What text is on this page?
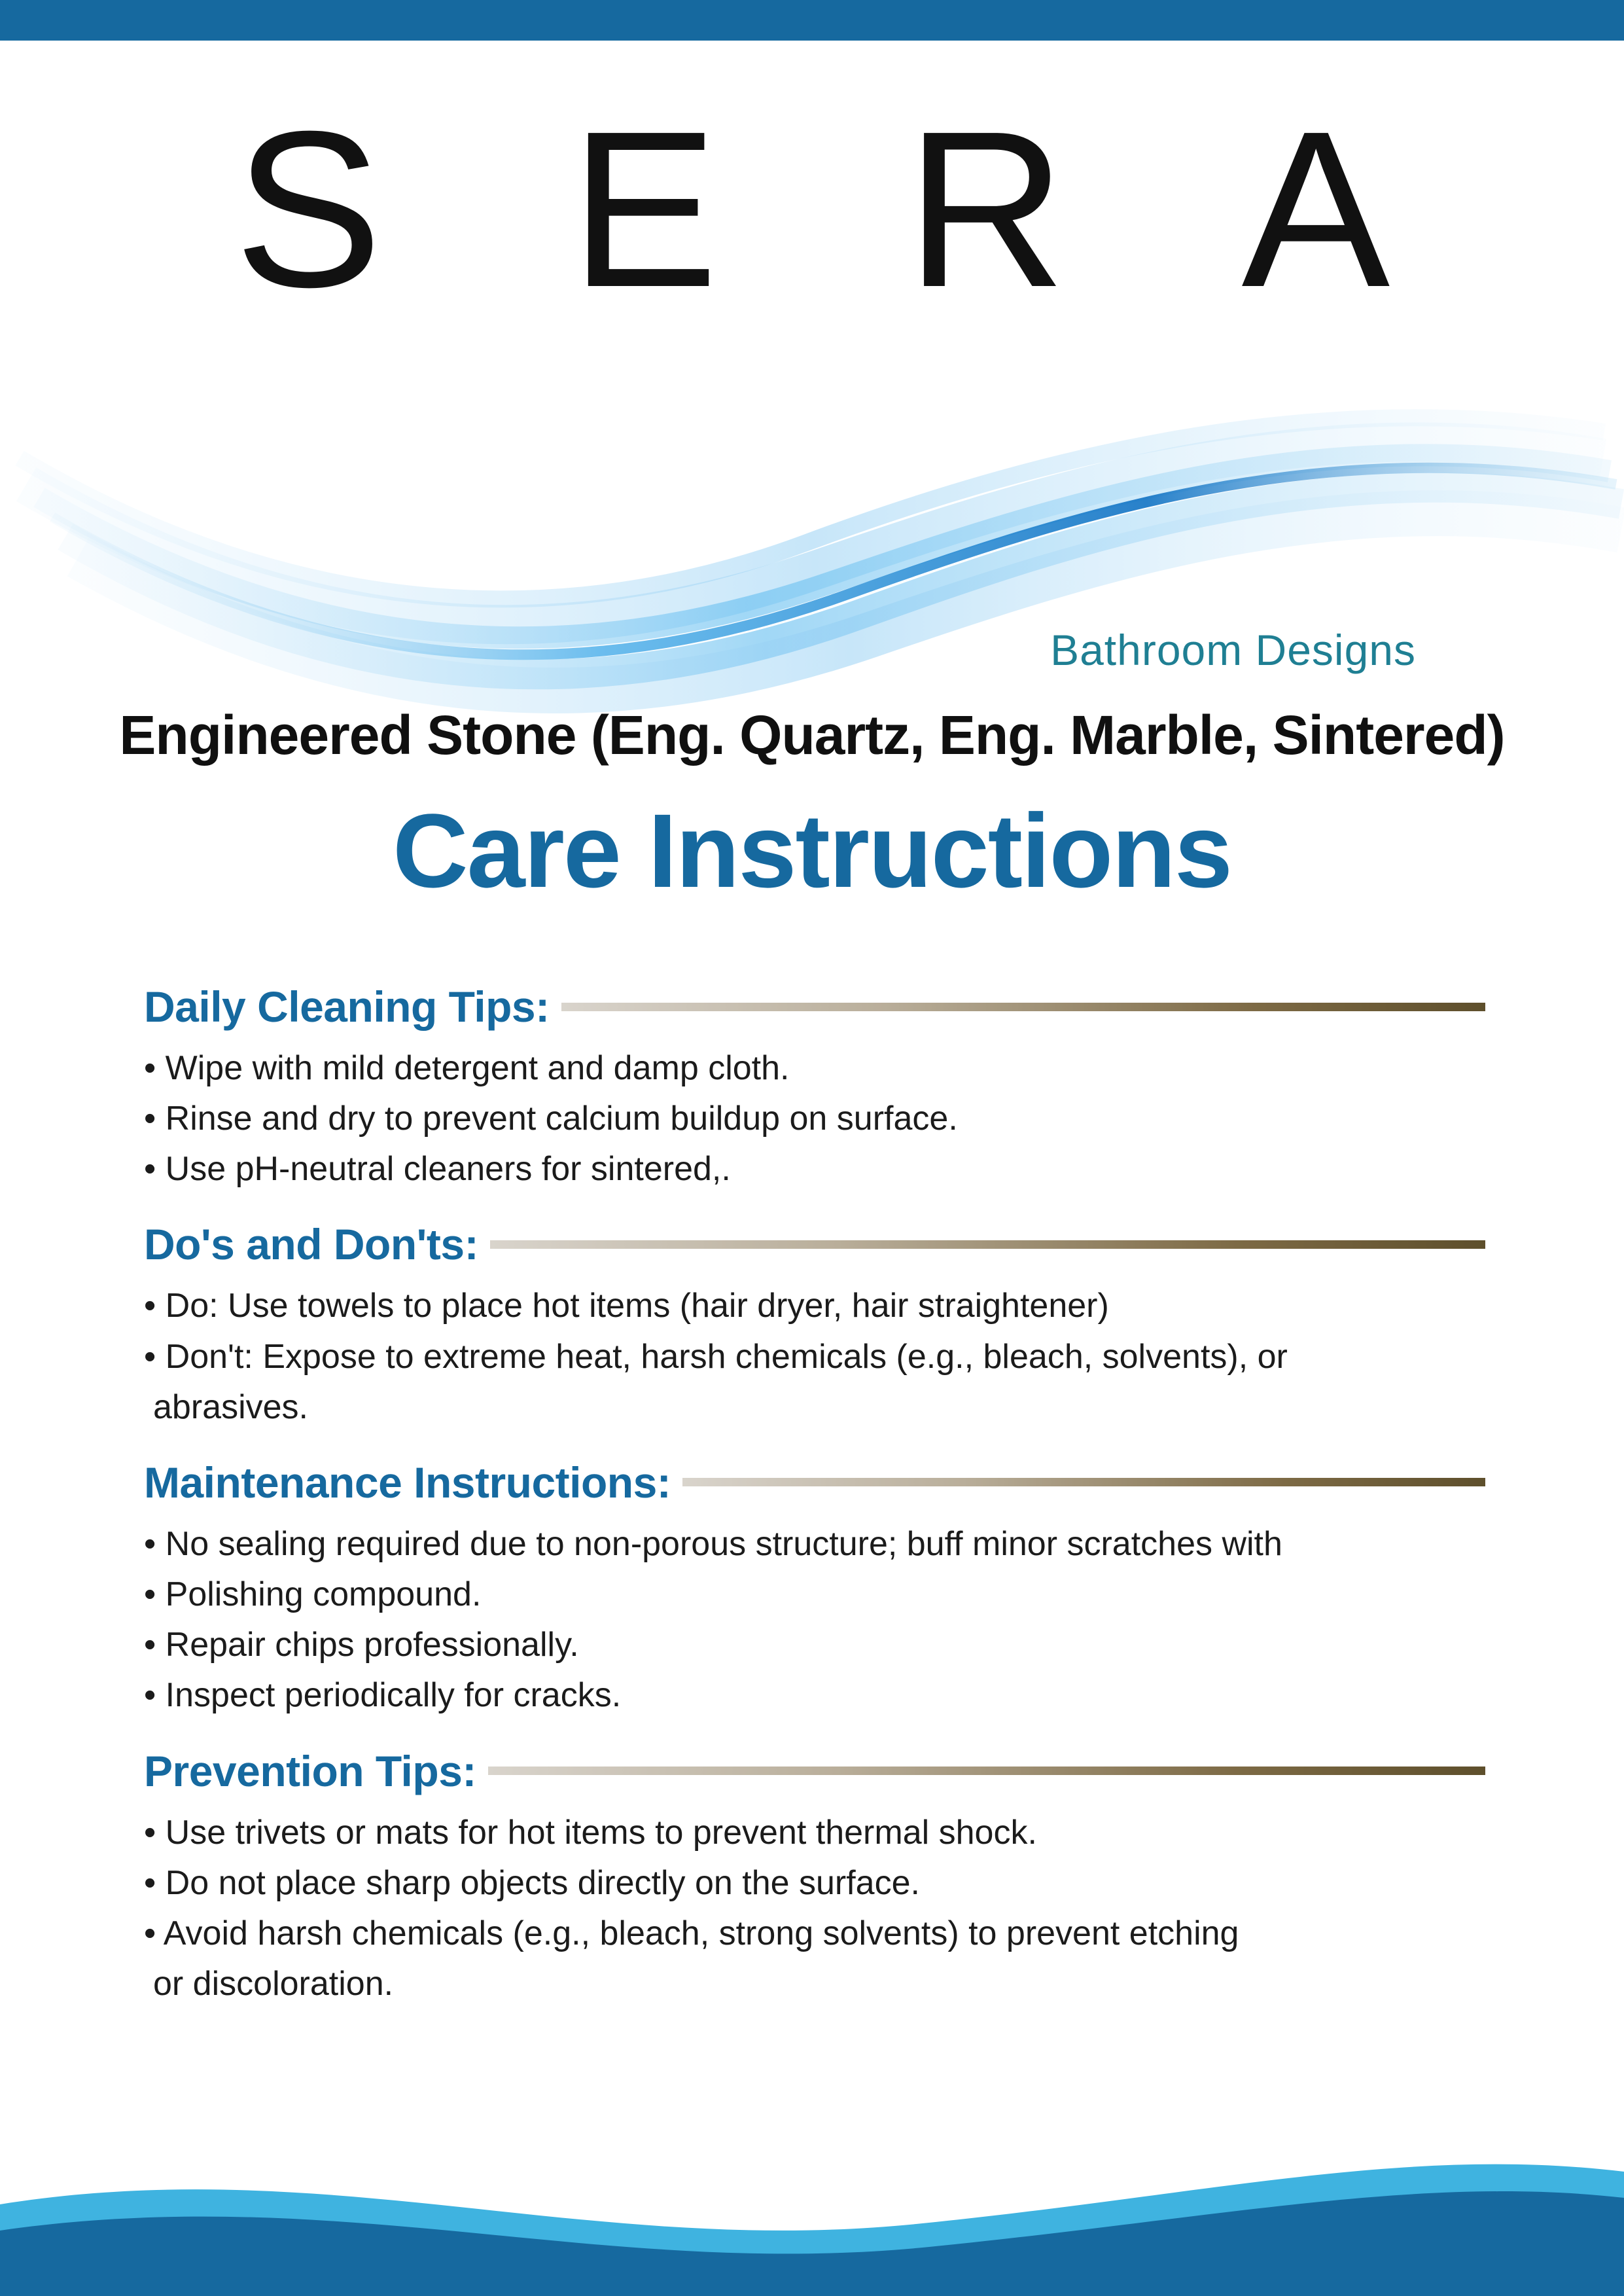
S E R A
Bathroom Designs
Engineered Stone (Eng. Quartz, Eng. Marble, Sintered)
Care Instructions
Daily Cleaning Tips:

• Wipe with mild detergent and damp cloth.

• Rinse and dry to prevent calcium buildup on surface.

• Use pH-neutral cleaners for sintered,.

Do's and Don'ts:

• Do: Use towels to place hot items (hair dryer, hair straightener)

• Don't: Expose to extreme heat, harsh chemicals (e.g., bleach, solvents), or

abrasives.

Maintenance Instructions:

• No sealing required due to non-porous structure; buff minor scratches with

• Polishing compound.

• Repair chips professionally.

• Inspect periodically for cracks.

Prevention Tips:

• Use trivets or mats for hot items to prevent thermal shock.

• Do not place sharp objects directly on the surface.

• Avoid harsh chemicals (e.g., bleach, strong solvents) to prevent etching

or discoloration.
